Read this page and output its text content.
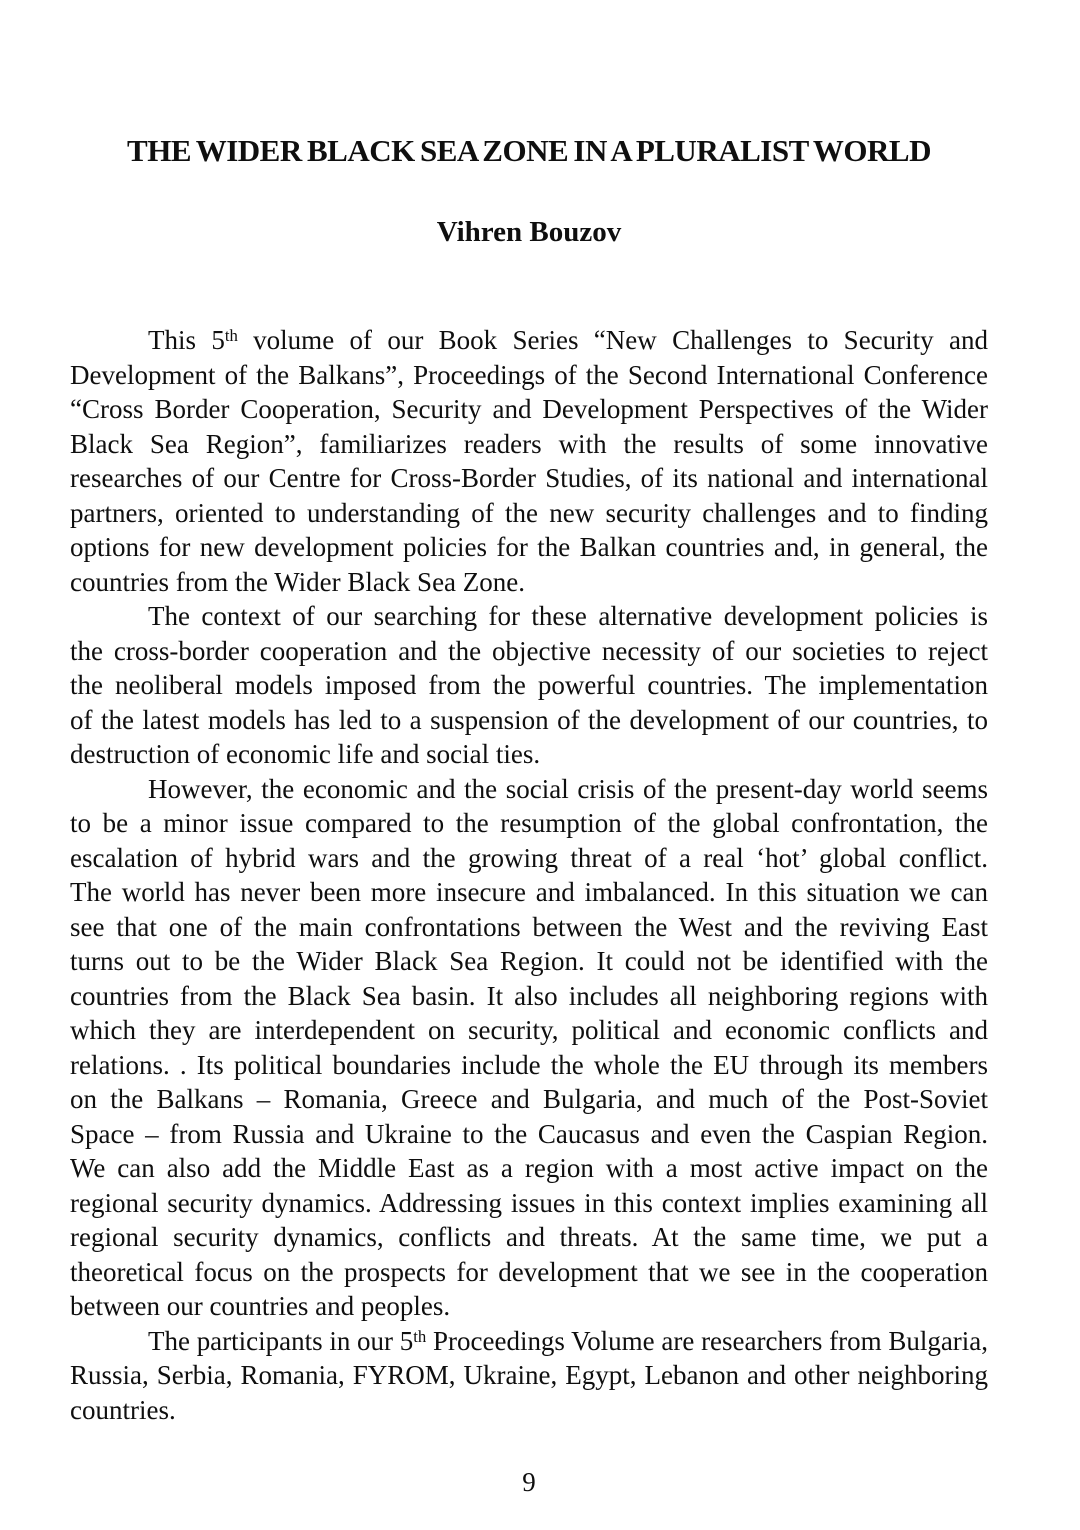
THE WIDER BLACK SEA ZONE IN A PLURALIST WORLD
Vihren Bouzov
This 5th volume of our Book Series “New Challenges to Security and
Development of the Balkans”, Proceedings of the Second International Conference
“Cross Border Cooperation, Security and Development Perspectives of the Wider
Black Sea Region”, familiarizes readers with the results of some innovative
researches of our Centre for Cross-Border Studies, of its national and international
partners, oriented to understanding of the new security challenges and to finding
options for new development policies for the Balkan countries and, in general, the
countries from the Wider Black Sea Zone.
The context of our searching for these alternative development policies is
the cross-border cooperation and the objective necessity of our societies to reject
the neoliberal models imposed from the powerful countries. The implementation
of the latest models has led to a suspension of the development of our countries, to
destruction of economic life and social ties.
However, the economic and the social crisis of the present-day world seems
to be a minor issue compared to the resumption of the global confrontation, the
escalation of hybrid wars and the growing threat of a real ‘hot’ global conflict.
The world has never been more insecure and imbalanced. In this situation we can
see that one of the main confrontations between the West and the reviving East
turns out to be the Wider Black Sea Region. It could not be identified with the
countries from the Black Sea basin. It also includes all neighboring regions with
which they are interdependent on security, political and economic conflicts and
relations. . Its political boundaries include the whole the EU through its members
on the Balkans – Romania, Greece and Bulgaria, and much of the Post-Soviet
Space – from Russia and Ukraine to the Caucasus and even the Caspian Region.
We can also add the Middle East as a region with a most active impact on the
regional security dynamics. Addressing issues in this context implies examining all
regional security dynamics, conflicts and threats. At the same time, we put a
theoretical focus on the prospects for development that we see in the cooperation
between our countries and peoples.
The participants in our 5th Proceedings Volume are researchers from Bulgaria,
Russia, Serbia, Romania, FYROM, Ukraine, Egypt, Lebanon and other neighboring
countries.
9
